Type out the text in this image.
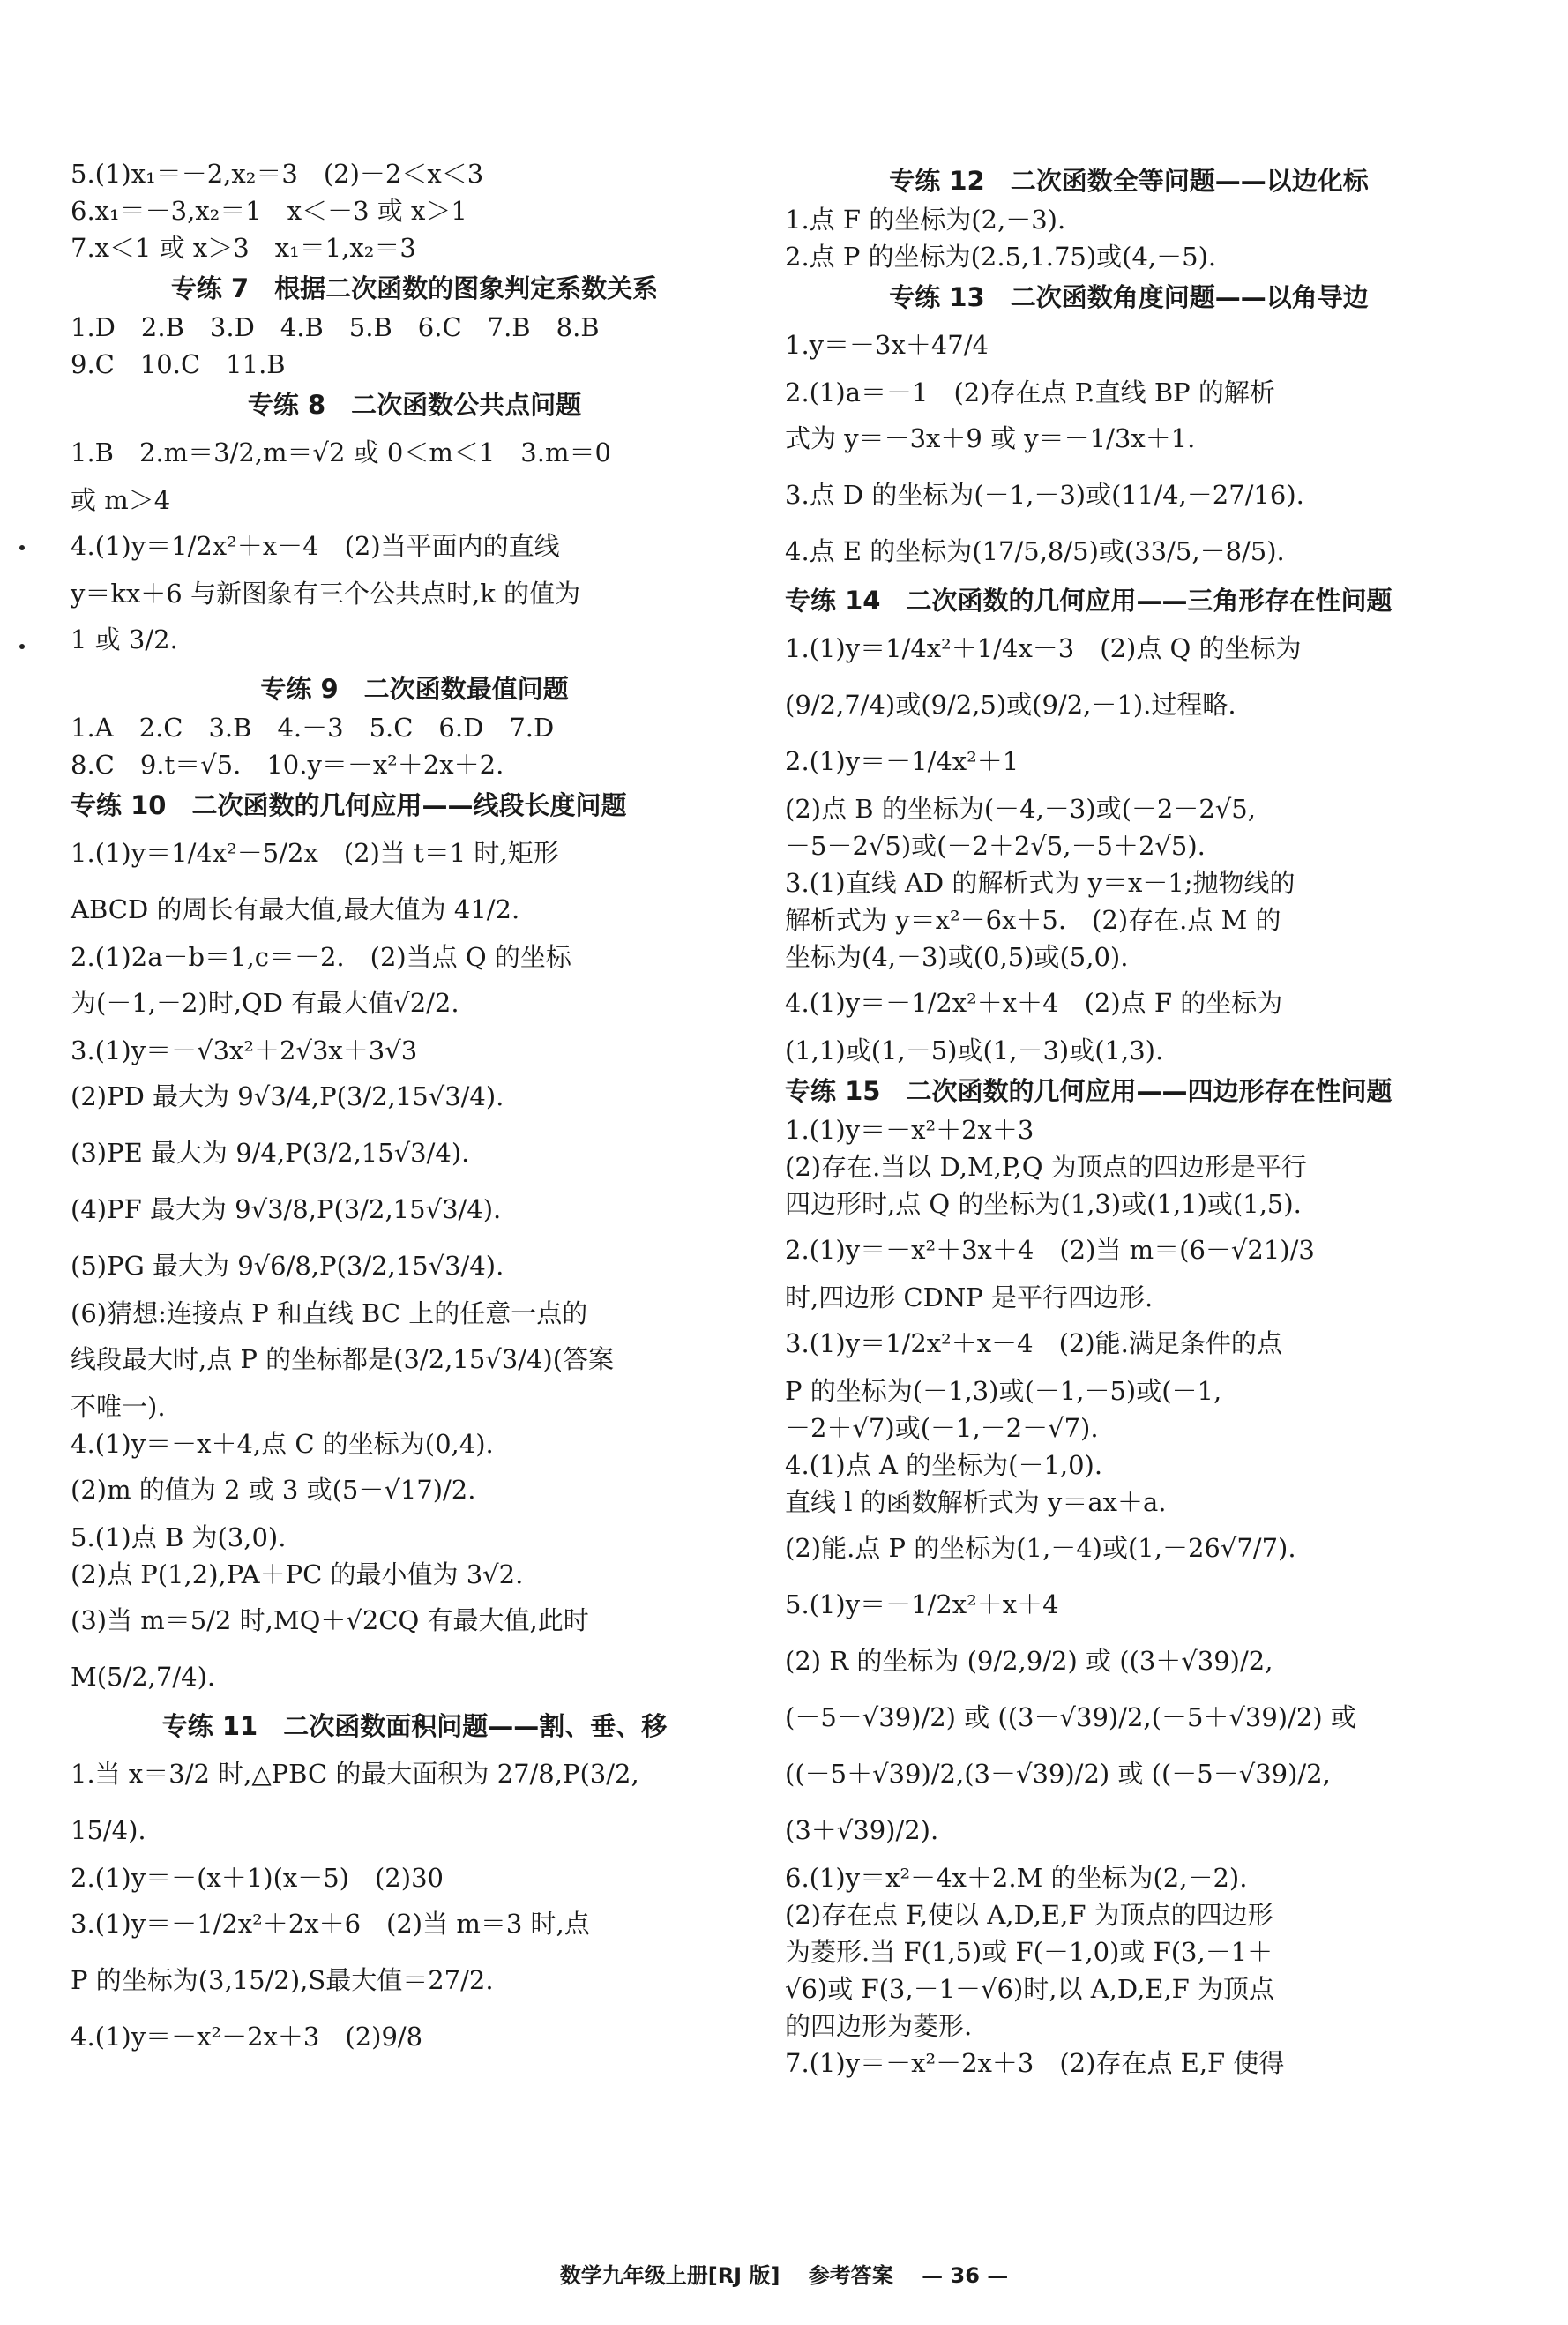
5.(1)x₁＝－2,x₂＝3　(2)－2＜x＜3
6.x₁＝－3,x₂＝1　x＜－3 或 x＞1
7.x＜1 或 x＞3　x₁＝1,x₂＝3
专练 7　根据二次函数的图象判定系数关系
1.D　2.B　3.D　4.B　5.B　6.C　7.B　8.B
9.C　10.C　11.B
专练 8　二次函数公共点问题
1.B　2.m＝3/2,m＝√2 或 0＜m＜1　3.m＝0
或 m＞4
4.(1)y＝1/2x²＋x－4　(2)当平面内的直线
y＝kx＋6 与新图象有三个公共点时,k 的值为
1 或 3/2.
专练 9　二次函数最值问题
1.A　2.C　3.B　4.－3　5.C　6.D　7.D
8.C　9.t＝√5.　10.y＝－x²＋2x＋2.
专练 10　二次函数的几何应用——线段长度问题
1.(1)y＝1/4x²－5/2x　(2)当 t＝1 时,矩形
ABCD 的周长有最大值,最大值为 41/2.
2.(1)2a－b＝1,c＝－2.　(2)当点 Q 的坐标
为(－1,－2)时,QD 有最大值√2/2.
3.(1)y＝－√3x²＋2√3x＋3√3
(2)PD 最大为 9√3/4,P(3/2,15√3/4).
(3)PE 最大为 9/4,P(3/2,15√3/4).
(4)PF 最大为 9√3/8,P(3/2,15√3/4).
(5)PG 最大为 9√6/8,P(3/2,15√3/4).
(6)猜想:连接点 P 和直线 BC 上的任意一点的
线段最大时,点 P 的坐标都是(3/2,15√3/4)(答案
不唯一).
4.(1)y＝－x＋4,点 C 的坐标为(0,4).
(2)m 的值为 2 或 3 或(5－√17)/2.
5.(1)点 B 为(3,0).
(2)点 P(1,2),PA＋PC 的最小值为 3√2.
(3)当 m＝5/2 时,MQ＋√2CQ 有最大值,此时
M(5/2,7/4).
专练 11　二次函数面积问题——割、垂、移
1.当 x＝3/2 时,△PBC 的最大面积为 27/8,P(3/2,
15/4).
2.(1)y＝－(x＋1)(x－5)　(2)30
3.(1)y＝－1/2x²＋2x＋6　(2)当 m＝3 时,点
P 的坐标为(3,15/2),S最大值＝27/2.
4.(1)y＝－x²－2x＋3　(2)9/8
专练 12　二次函数全等问题——以边化标
1.点 F 的坐标为(2,－3).
2.点 P 的坐标为(2.5,1.75)或(4,－5).
专练 13　二次函数角度问题——以角导边
1.y＝－3x＋47/4
2.(1)a＝－1　(2)存在点 P.直线 BP 的解析
式为 y＝－3x＋9 或 y＝－1/3x＋1.
3.点 D 的坐标为(－1,－3)或(11/4,－27/16).
4.点 E 的坐标为(17/5,8/5)或(33/5,－8/5).
专练 14　二次函数的几何应用——三角形存在性问题
1.(1)y＝1/4x²＋1/4x－3　(2)点 Q 的坐标为
(9/2,7/4)或(9/2,5)或(9/2,－1).过程略.
2.(1)y＝－1/4x²＋1
(2)点 B 的坐标为(－4,－3)或(－2－2√5,
－5－2√5)或(－2＋2√5,－5＋2√5).
3.(1)直线 AD 的解析式为 y＝x－1;抛物线的
解析式为 y＝x²－6x＋5.　(2)存在.点 M 的
坐标为(4,－3)或(0,5)或(5,0).
4.(1)y＝－1/2x²＋x＋4　(2)点 F 的坐标为
(1,1)或(1,－5)或(1,－3)或(1,3).
专练 15　二次函数的几何应用——四边形存在性问题
1.(1)y＝－x²＋2x＋3
(2)存在.当以 D,M,P,Q 为顶点的四边形是平行
四边形时,点 Q 的坐标为(1,3)或(1,1)或(1,5).
2.(1)y＝－x²＋3x＋4　(2)当 m＝(6－√21)/3
时,四边形 CDNP 是平行四边形.
3.(1)y＝1/2x²＋x－4　(2)能.满足条件的点
P 的坐标为(－1,3)或(－1,－5)或(－1,
－2＋√7)或(－1,－2－√7).
4.(1)点 A 的坐标为(－1,0).
直线 l 的函数解析式为 y＝ax＋a.
(2)能.点 P 的坐标为(1,－4)或(1,－26√7/7).
5.(1)y＝－1/2x²＋x＋4
(2) R 的坐标为 (9/2,9/2) 或 ((3＋√39)/2,
(－5－√39)/2) 或 ((3－√39)/2,(－5＋√39)/2) 或
((－5＋√39)/2,(3－√39)/2) 或 ((－5－√39)/2,
(3＋√39)/2).
6.(1)y＝x²－4x＋2.M 的坐标为(2,－2).
(2)存在点 F,使以 A,D,E,F 为顶点的四边形
为菱形.当 F(1,5)或 F(－1,0)或 F(3,－1＋
√6)或 F(3,－1－√6)时,以 A,D,E,F 为顶点
的四边形为菱形.
7.(1)y＝－x²－2x＋3　(2)存在点 E,F 使得
数学九年级上册[RJ 版] 参考答案 — 36 —
